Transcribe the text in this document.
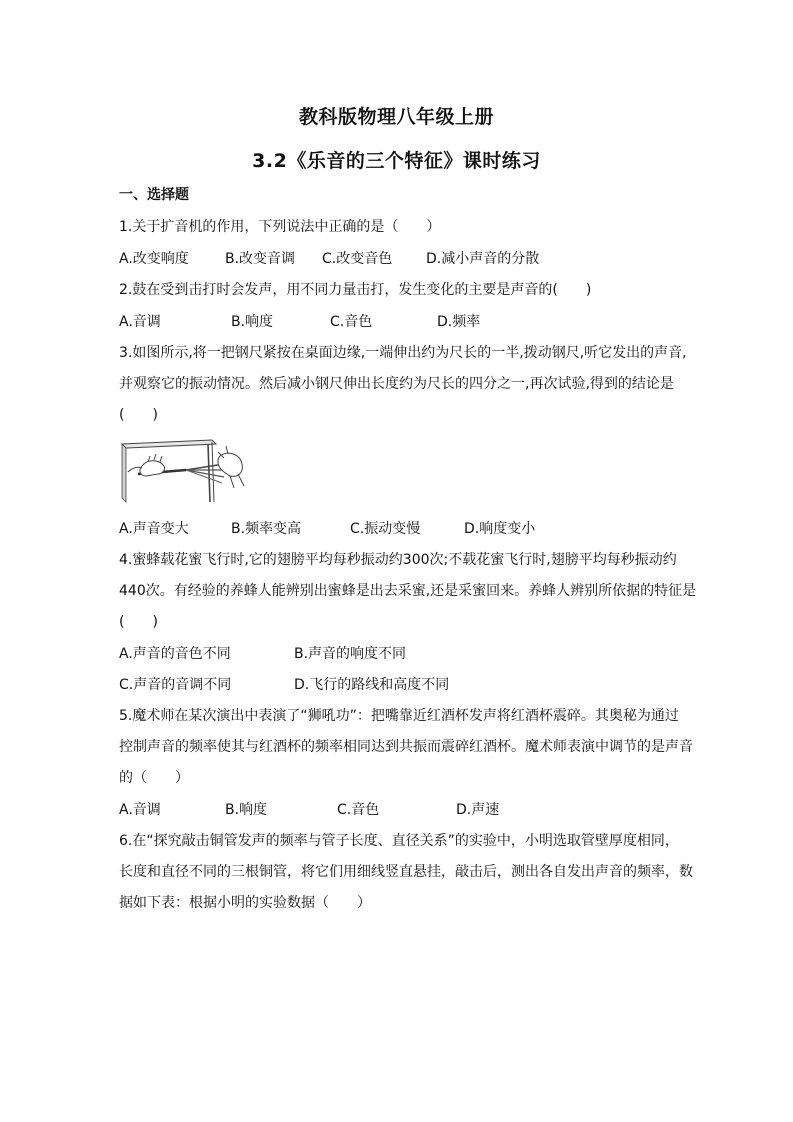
教科版物理八年级上册
3.2《乐音的三个特征》课时练习
一、选择题
1.关于扩音机的作用，下列说法中正确的是（　　）
A.改变响度	B.改变音调 C.改变音色 D.减小声音的分散
2.鼓在受到击打时会发声，用不同力量击打，发生变化的主要是声音的(　　)
A.音调	B.响度	C.音色	D.频率
3.如图所示,将一把钢尺紧按在桌面边缘,一端伸出约为尺长的一半,拨动钢尺,听它发出的声音,
并观察它的振动情况。然后减小钢尺伸出长度约为尺长的四分之一,再次试验,得到的结论是
(　　)
A.声音变大	B.频率变高	C.振动变慢	D.响度变小
4.蜜蜂载花蜜飞行时,它的翅膀平均每秒振动约300次;不载花蜜飞行时,翅膀平均每秒振动约
440次。有经验的养蜂人能辨别出蜜蜂是出去采蜜,还是采蜜回来。养蜂人辨别所依据的特征是
(　　)
A.声音的音色不同	B.声音的响度不同
C.声音的音调不同	D.飞行的路线和高度不同
5.魔术师在某次演出中表演了“狮吼功”：把嘴靠近红酒杯发声将红酒杯震碎。其奥秘为通过
控制声音的频率使其与红酒杯的频率相同达到共振而震碎红酒杯。魔术师表演中调节的是声音
的（　　）
A.音调	B.响度	C.音色	D.声速
6.在“探究敲击铜管发声的频率与管子长度、直径关系”的实验中，小明选取管壁厚度相同，
长度和直径不同的三根铜管，将它们用细线竖直悬挂，敲击后，测出各自发出声音的频率，数
据如下表：根据小明的实验数据（　　）
